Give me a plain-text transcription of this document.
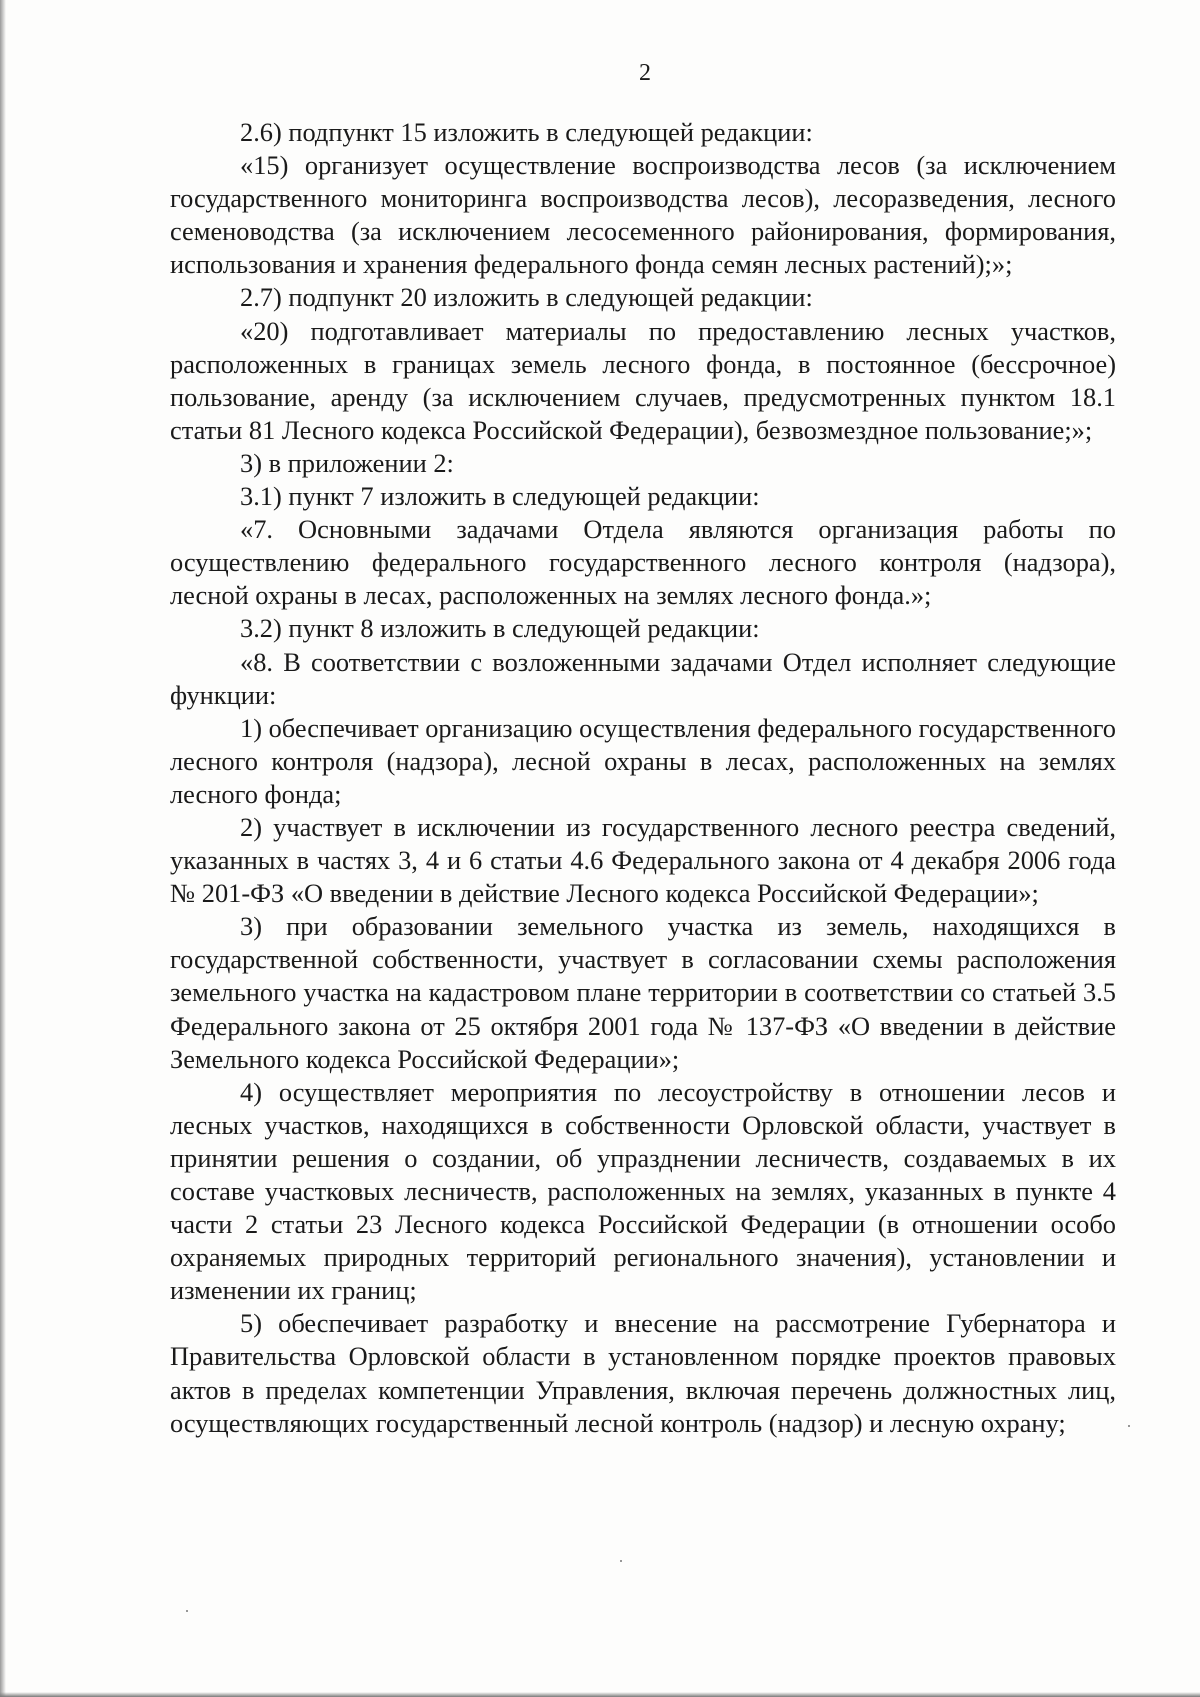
2

2.6) подпункт 15 изложить в следующей редакции:

«15) организует осуществление воспроизводства лесов (за исключением государственного мониторинга воспроизводства лесов), лесоразведения, лесного семеноводства (за исключением лесосеменного районирования, формирования, использования и хранения федерального фонда семян лесных растений);»;

2.7) подпункт 20 изложить в следующей редакции:

«20) подготавливает материалы по предоставлению лесных участков, расположенных в границах земель лесного фонда, в постоянное (бессрочное) пользование, аренду (за исключением случаев, предусмотренных пунктом 18.1 статьи 81 Лесного кодекса Российской Федерации), безвозмездное пользование;»;

3) в приложении 2:

3.1) пункт 7 изложить в следующей редакции:

«7. Основными задачами Отдела являются организация работы по осуществлению федерального государственного лесного контроля (надзора), лесной охраны в лесах, расположенных на землях лесного фонда.»;

3.2) пункт 8 изложить в следующей редакции:

«8. В соответствии с возложенными задачами Отдел исполняет следующие функции:

1) обеспечивает организацию осуществления федерального государственного лесного контроля (надзора), лесной охраны в лесах, расположенных на землях лесного фонда;

2) участвует в исключении из государственного лесного реестра сведений, указанных в частях 3, 4 и 6 статьи 4.6 Федерального закона от 4 декабря 2006 года № 201-ФЗ «О введении в действие Лесного кодекса Российской Федерации»;

3) при образовании земельного участка из земель, находящихся в государственной собственности, участвует в согласовании схемы расположения земельного участка на кадастровом плане территории в соответствии со статьей 3.5 Федерального закона от 25 октября 2001 года № 137-ФЗ «О введении в действие Земельного кодекса Российской Федерации»;

4) осуществляет мероприятия по лесоустройству в отношении лесов и лесных участков, находящихся в собственности Орловской области, участвует в принятии решения о создании, об упразднении лесничеств, создаваемых в их составе участковых лесничеств, расположенных на землях, указанных в пункте 4 части 2 статьи 23 Лесного кодекса Российской Федерации (в отношении особо охраняемых природных территорий регионального значения), установлении и изменении их границ;

5) обеспечивает разработку и внесение на рассмотрение Губернатора и Правительства Орловской области в установленном порядке проектов правовых актов в пределах компетенции Управления, включая перечень должностных лиц, осуществляющих государственный лесной контроль (надзор) и лесную охрану;
